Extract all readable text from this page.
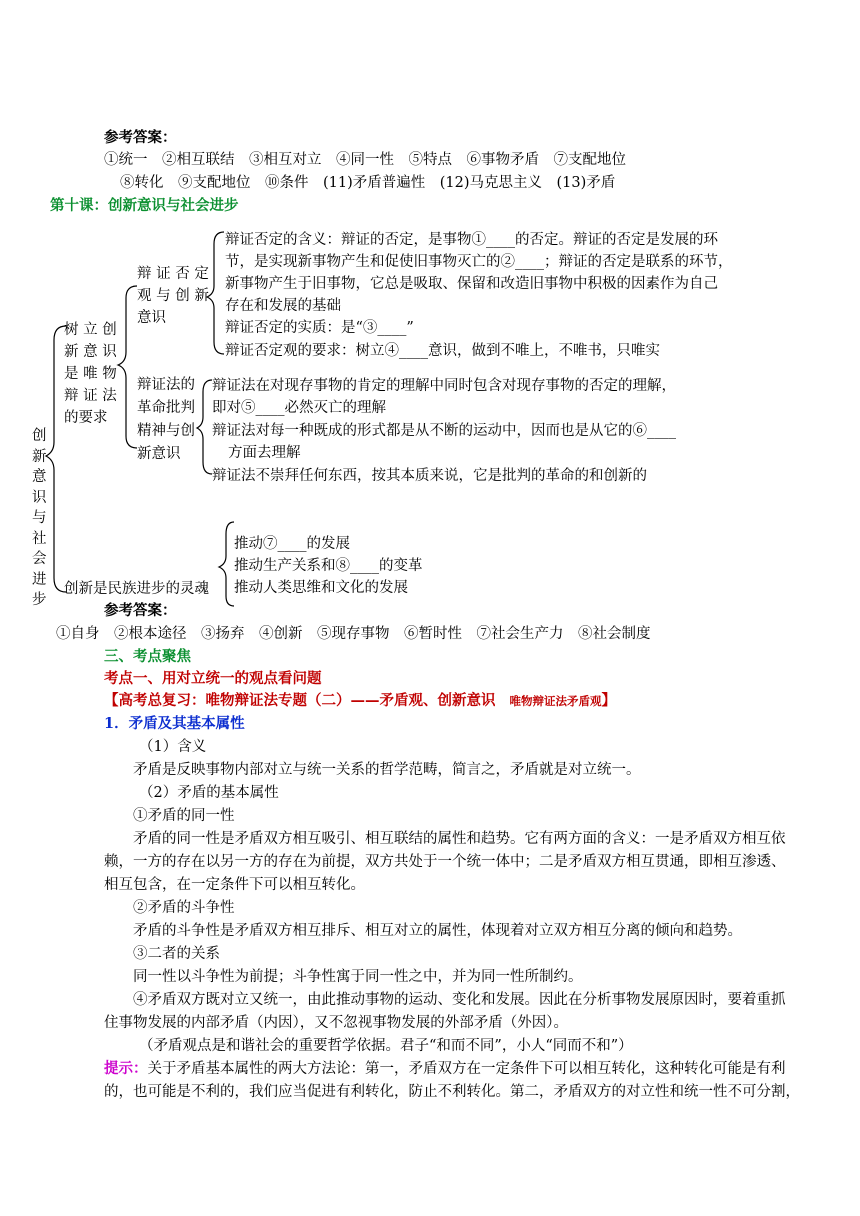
参考答案：
①统一　②相互联结　③相互对立　④同一性　⑤特点　⑥事物矛盾　⑦支配地位
⑧转化　⑨支配地位　⑩条件　(11)矛盾普遍性　(12)马克思主义　(13)矛盾
第十课：创新意识与社会进步
创新意识与社会进步
树 立 创
新 意 识
是 唯 物
辩 证 法
的要求
辩 证 否 定
观 与 创 新
意识
辩证否定的含义：辩证的否定，是事物①____的否定。辩证的否定是发展的环
节，是实现新事物产生和促使旧事物灭亡的②____；辩证的否定是联系的环节，
新事物产生于旧事物，它总是吸取、保留和改造旧事物中积极的因素作为自己
存在和发展的基础
辩证否定的实质：是“③____”
辩证否定观的要求：树立④____意识，做到不唯上，不唯书，只唯实
辩证法的
革命批判
精神与创
新意识
辩证法在对现存事物的肯定的理解中同时包含对现存事物的否定的理解，
即对⑤____必然灭亡的理解
辩证法对每一种既成的形式都是从不断的运动中，因而也是从它的⑥____
方面去理解
辩证法不崇拜任何东西，按其本质来说，它是批判的革命的和创新的
创新是民族进步的灵魂
推动⑦____的发展
推动生产关系和⑧____的变革
推动人类思维和文化的发展
参考答案：
①自身　②根本途径　③扬弃　④创新　⑤现存事物　⑥暂时性　⑦社会生产力　⑧社会制度
三、考点聚焦
考点一、用对立统一的观点看问题
【高考总复习：唯物辩证法专题（二）——矛盾观、创新意识 唯物辩证法矛盾观】
1．矛盾及其基本属性
（1）含义
矛盾是反映事物内部对立与统一关系的哲学范畴，简言之，矛盾就是对立统一。
（2）矛盾的基本属性
①矛盾的同一性
矛盾的同一性是矛盾双方相互吸引、相互联结的属性和趋势。它有两方面的含义：一是矛盾双方相互依
赖，一方的存在以另一方的存在为前提，双方共处于一个统一体中；二是矛盾双方相互贯通，即相互渗透、
相互包含，在一定条件下可以相互转化。
②矛盾的斗争性
矛盾的斗争性是矛盾双方相互排斥、相互对立的属性，体现着对立双方相互分离的倾向和趋势。
③二者的关系
同一性以斗争性为前提；斗争性寓于同一性之中，并为同一性所制约。
④矛盾双方既对立又统一，由此推动事物的运动、变化和发展。因此在分析事物发展原因时，要着重抓
住事物发展的内部矛盾（内因），又不忽视事物发展的外部矛盾（外因）。
（矛盾观点是和谐社会的重要哲学依据。君子“和而不同”，小人“同而不和”）
提示：关于矛盾基本属性的两大方法论：第一，矛盾双方在一定条件下可以相互转化，这种转化可能是有利
的，也可能是不利的，我们应当促进有利转化，防止不利转化。第二，矛盾双方的对立性和统一性不可分割，
